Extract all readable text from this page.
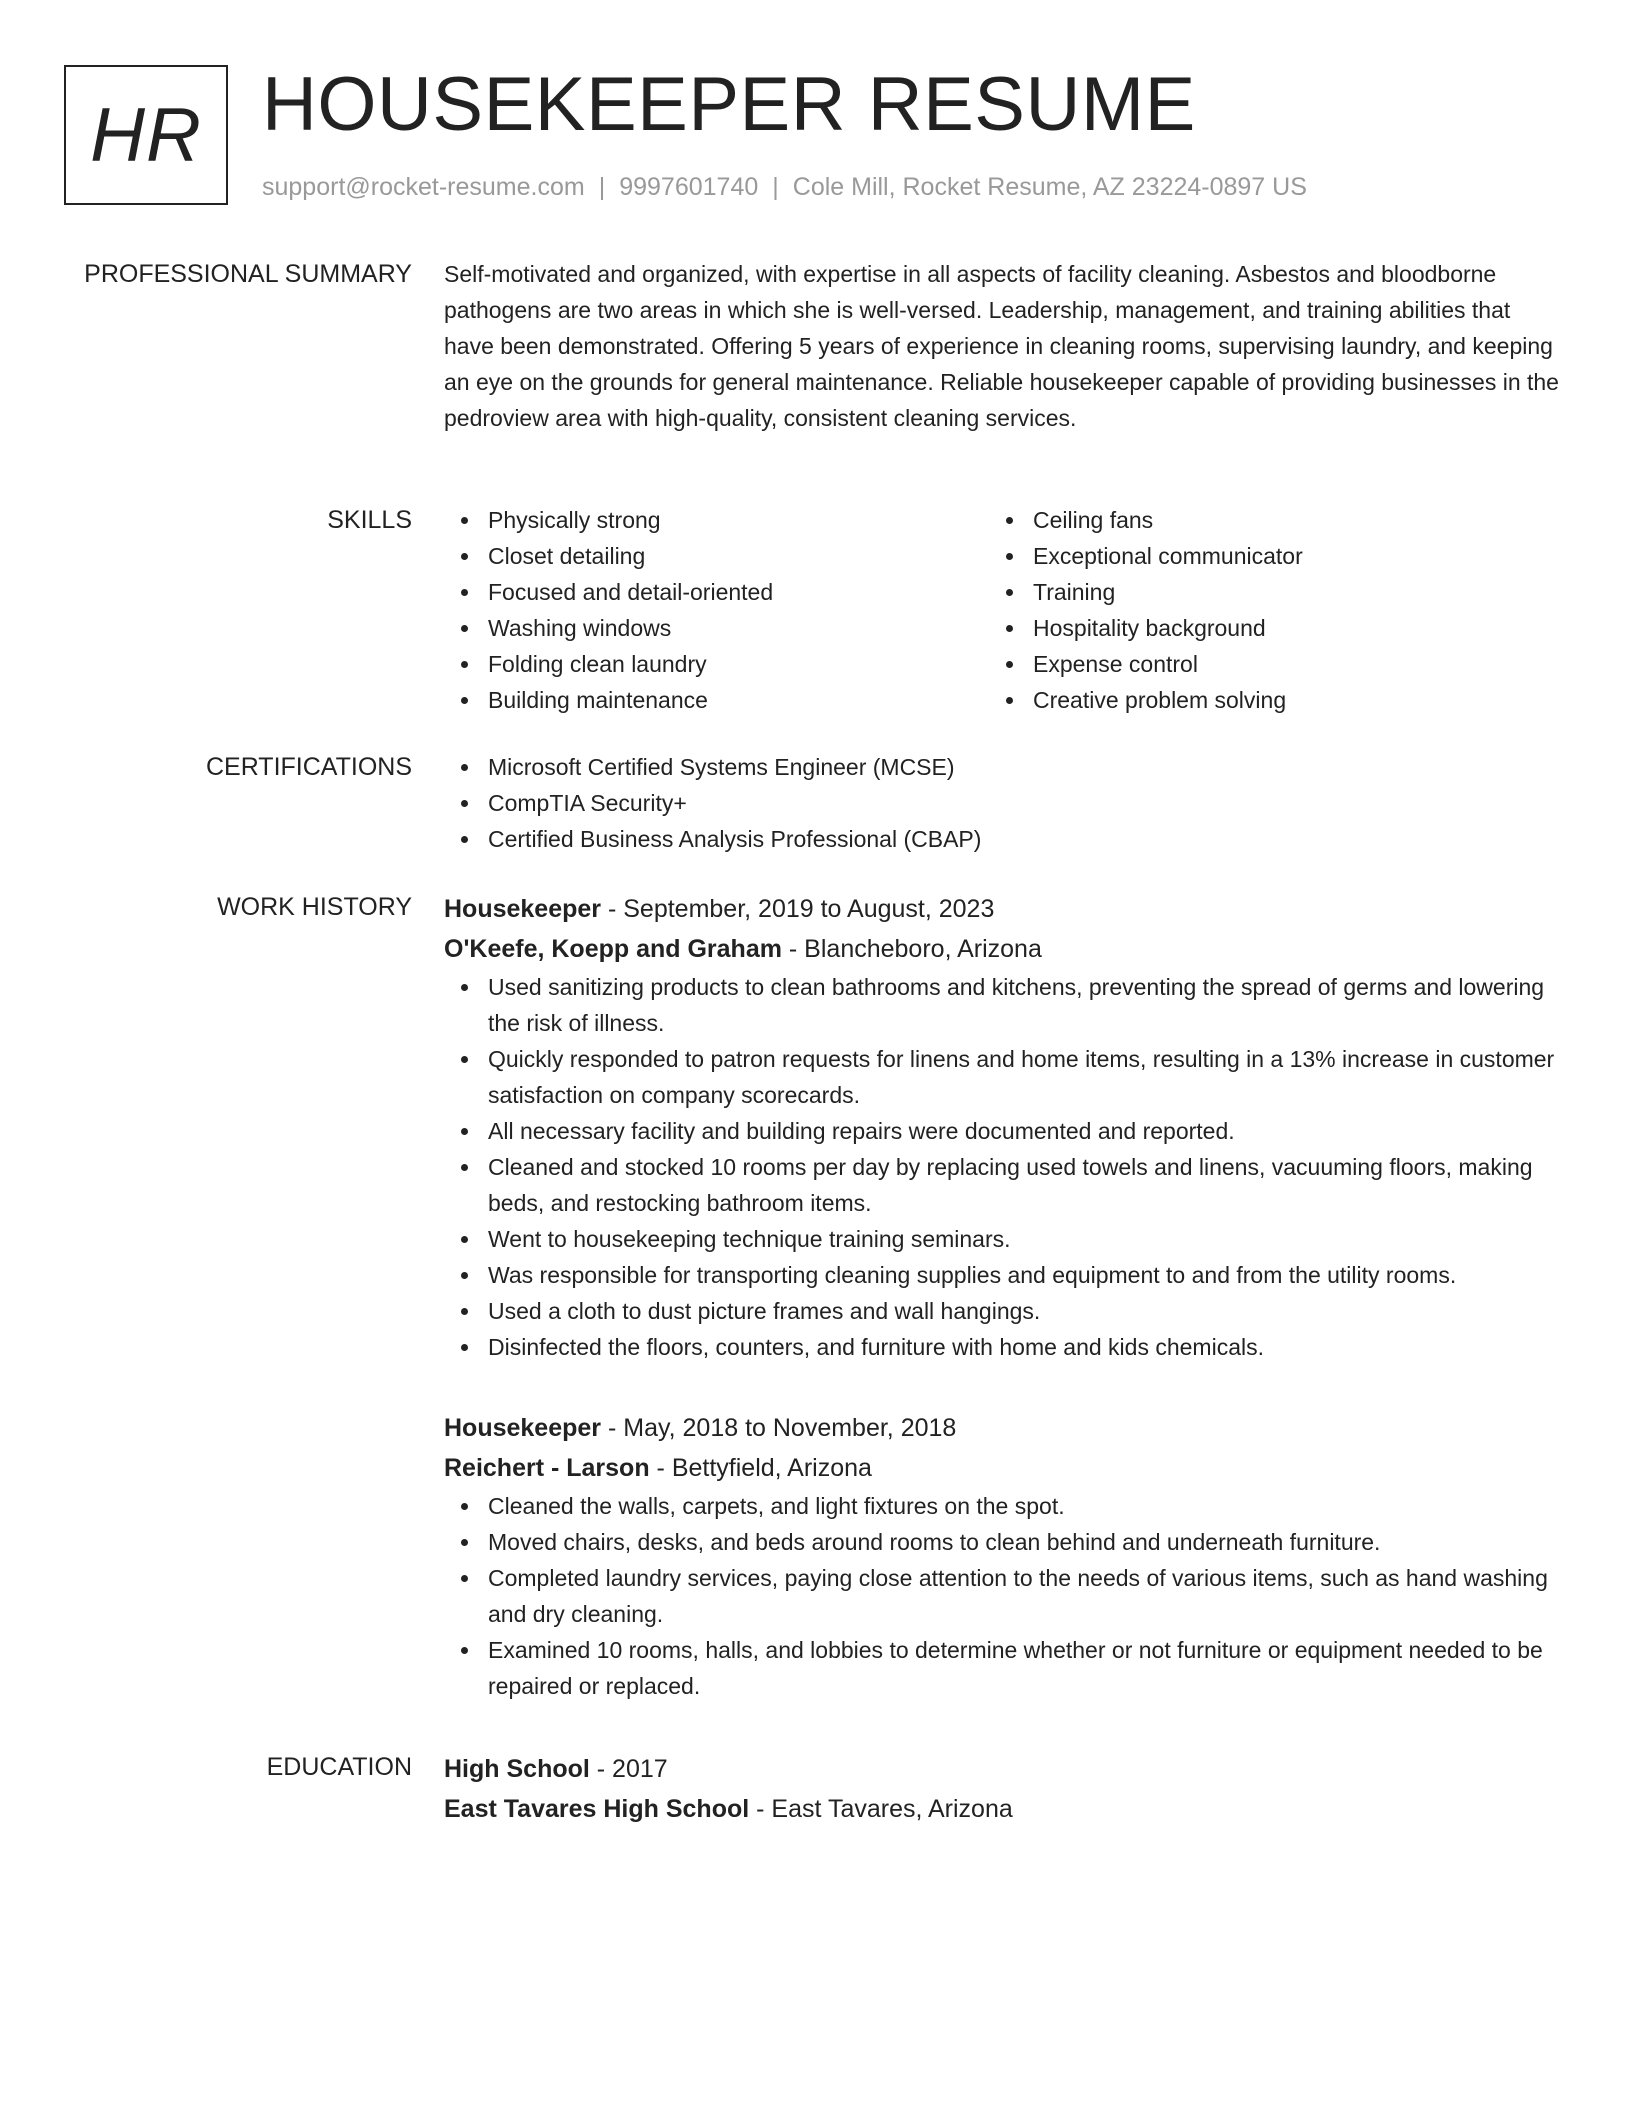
HR HOUSEKEEPER RESUME
support@rocket-resume.com | 9997601740 | Cole Mill, Rocket Resume, AZ 23224-0897 US
PROFESSIONAL SUMMARY Self-motivated and organized, with expertise in all aspects of facility cleaning. Asbestos and bloodborne pathogens are two areas in which she is well-versed. Leadership, management, and training abilities that have been demonstrated. Offering 5 years of experience in cleaning rooms, supervising laundry, and keeping an eye on the grounds for general maintenance. Reliable housekeeper capable of providing businesses in the pedroview area with high-quality, consistent cleaning services.

SKILLS	Physically strong
Closet detailing
Focused and detail-oriented
Washing windows
Folding clean laundry
Building maintenance
Ceiling fans
Exceptional communicator
Training
Hospitality background
Expense control
Creative problem solving
CERTIFICATIONS	Microsoft Certified Systems Engineer (MCSE)
CompTIA Security+
Certified Business Analysis Professional (CBAP)
WORK HISTORY Housekeeper - September, 2019 to August, 2023
O'Keefe, Koepp and Graham - Blancheboro, Arizona
Used sanitizing products to clean bathrooms and kitchens, preventing the spread of germs and lowering the risk of illness.
Quickly responded to patron requests for linens and home items, resulting in a 13% increase in customer satisfaction on company scorecards.
All necessary facility and building repairs were documented and reported.
Cleaned and stocked 10 rooms per day by replacing used towels and linens, vacuuming floors, making beds, and restocking bathroom items.
Went to housekeeping technique training seminars.
Was responsible for transporting cleaning supplies and equipment to and from the utility rooms.
Used a cloth to dust picture frames and wall hangings.
Disinfected the floors, counters, and furniture with home and kids chemicals.
Housekeeper - May, 2018 to November, 2018
Reichert - Larson - Bettyfield, Arizona
Cleaned the walls, carpets, and light fixtures on the spot.
Moved chairs, desks, and beds around rooms to clean behind and underneath furniture.
Completed laundry services, paying close attention to the needs of various items, such as hand washing and dry cleaning.
Examined 10 rooms, halls, and lobbies to determine whether or not furniture or equipment needed to be repaired or replaced.
EDUCATION High School - 2017
East Tavares High School - East Tavares, Arizona
